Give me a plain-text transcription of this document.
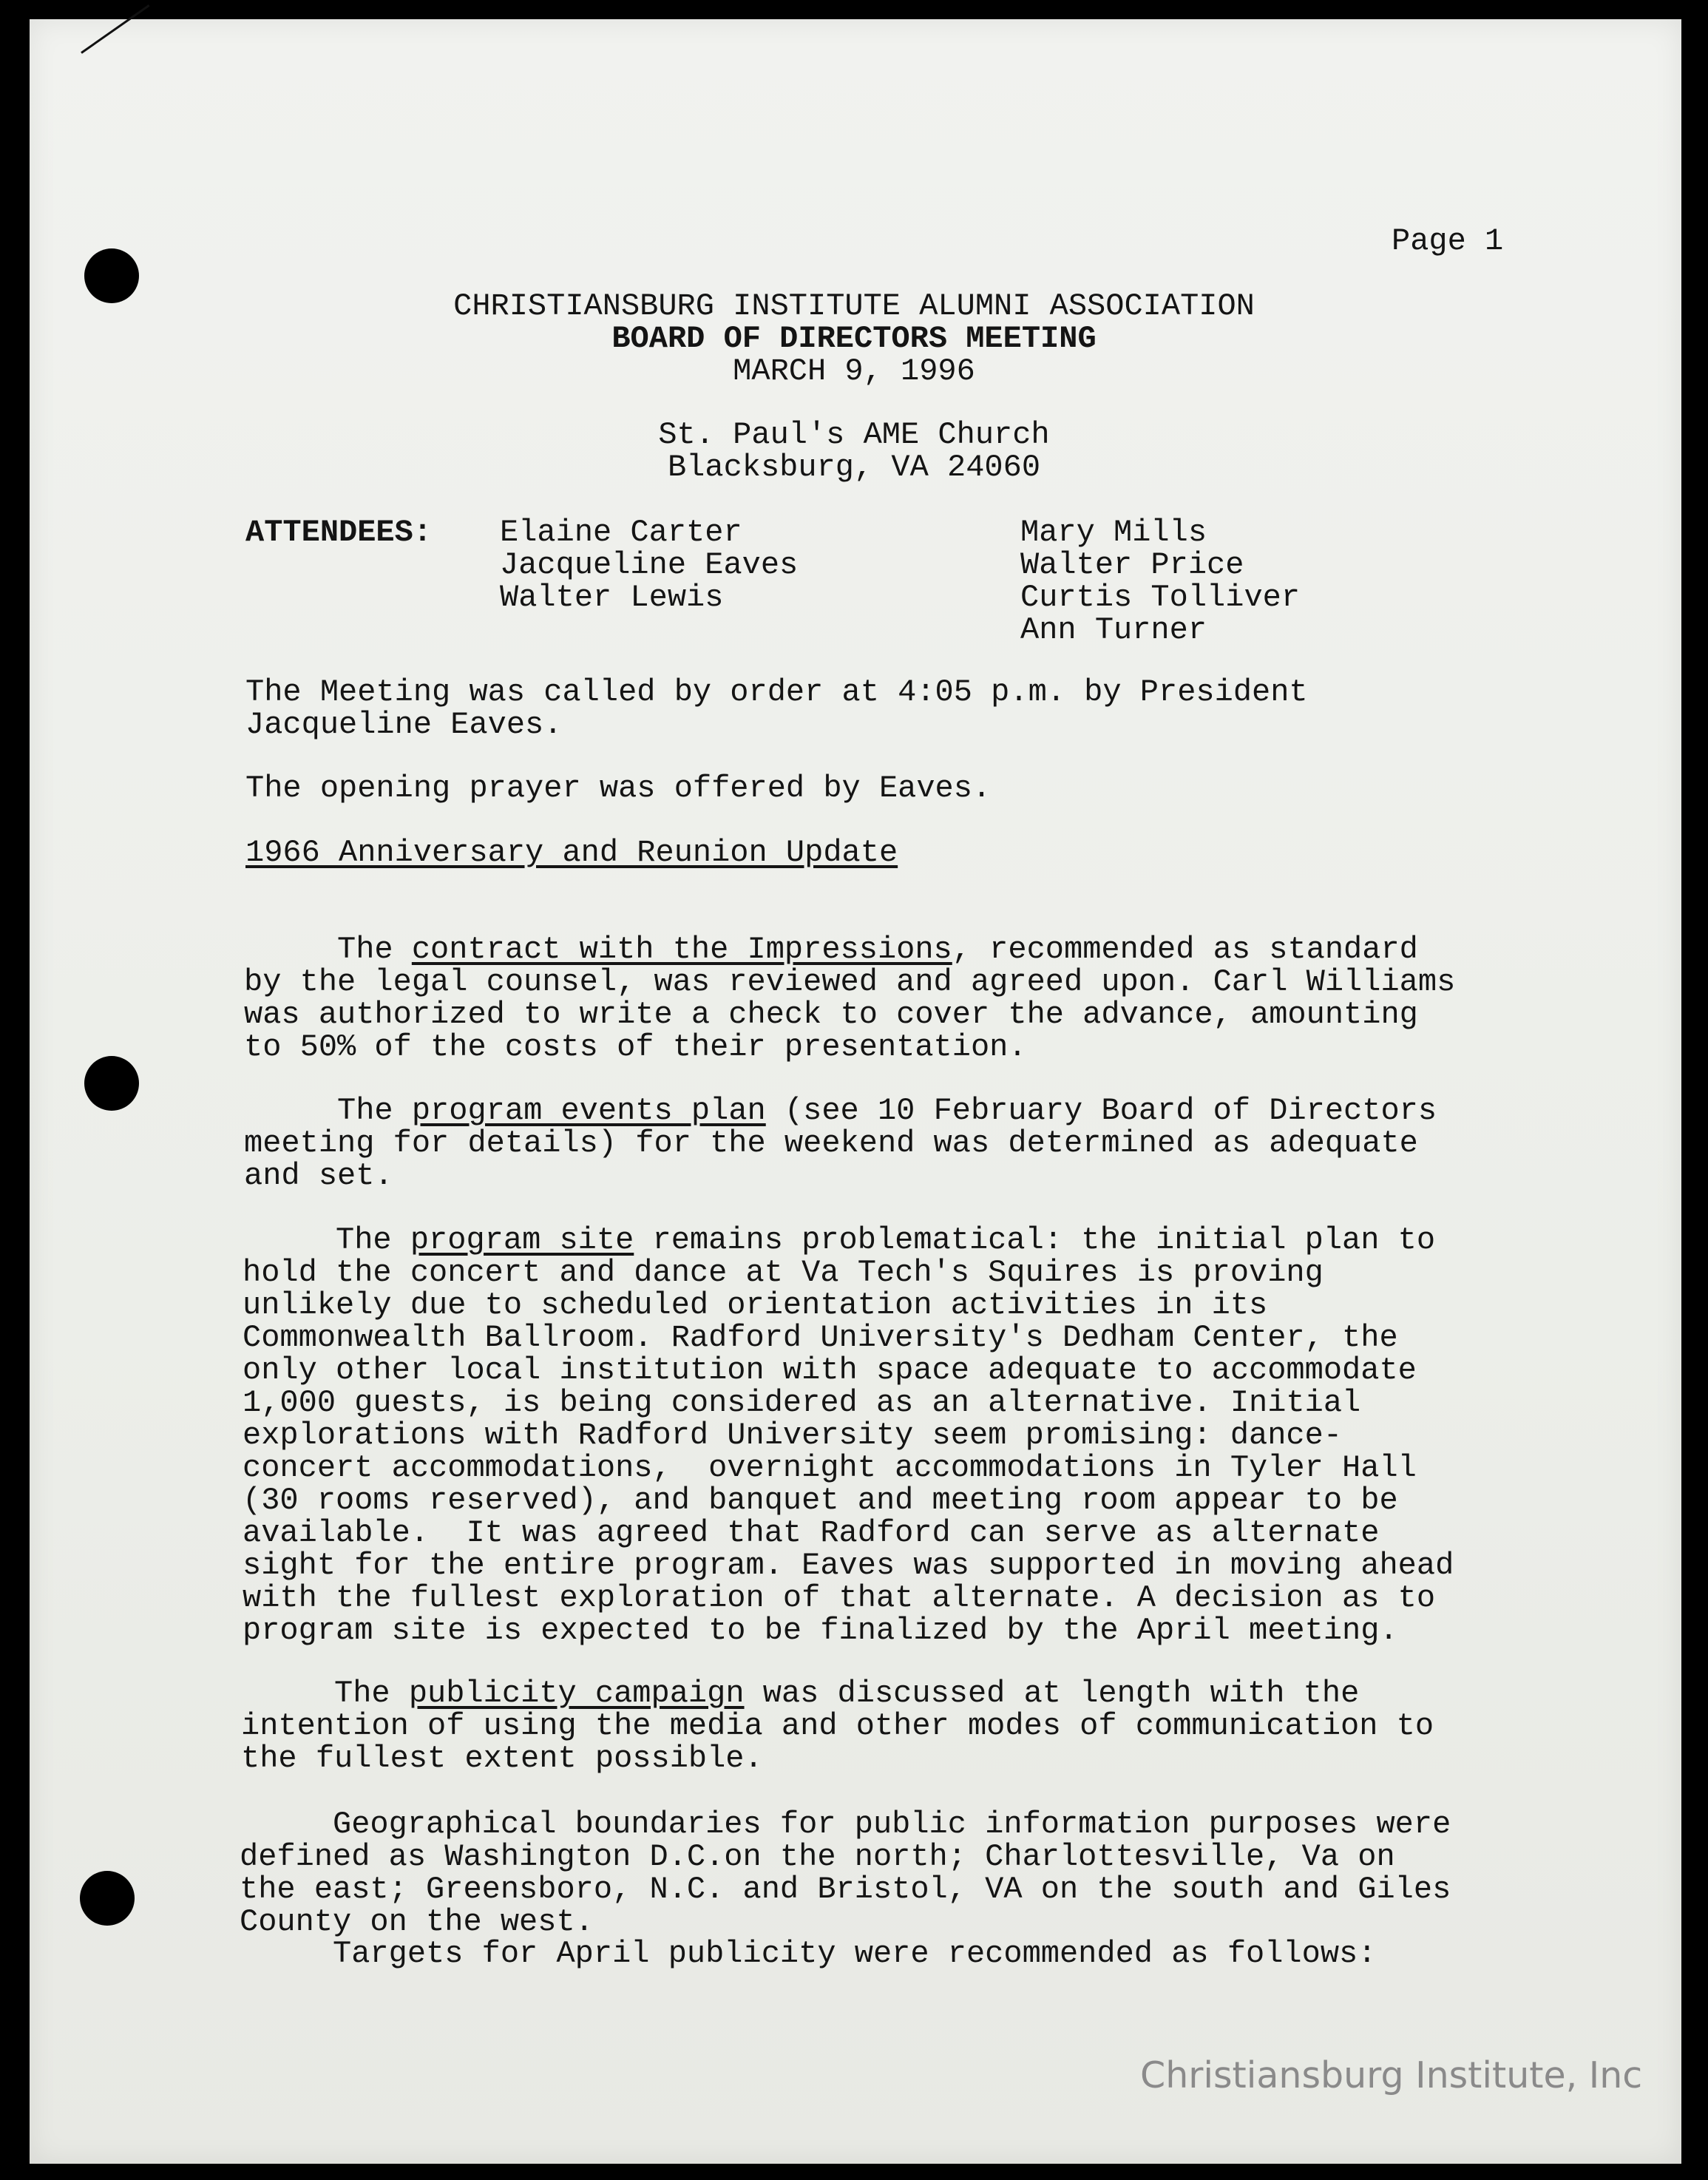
Page 1
CHRISTIANSBURG INSTITUTE ALUMNI ASSOCIATION
BOARD OF DIRECTORS MEETING
MARCH 9, 1996
St. Paul's AME Church
Blacksburg, VA 24060
ATTENDEES: Elaine Carter
Jacqueline Eaves
Walter Lewis
Mary Mills
Walter Price
Curtis Tolliver
Ann Turner
The Meeting was called by order at 4:05 p.m. by President
Jacqueline Eaves.
The opening prayer was offered by Eaves.
1966 Anniversary and Reunion Update

The contract with the Impressions, recommended as standard
by the legal counsel, was reviewed and agreed upon. Carl Williams
was authorized to write a check to cover the advance, amounting
to 50% of the costs of their presentation.

The program events plan (see 10 February Board of Directors
meeting for details) for the weekend was determined as adequate
and set.

The program site remains problematical: the initial plan to
hold the concert and dance at Va Tech's Squires is proving
unlikely due to scheduled orientation activities in its
Commonwealth Ballroom. Radford University's Dedham Center, the
only other local institution with space adequate to accommodate
1,000 guests, is being considered as an alternative. Initial
explorations with Radford University seem promising: dance-
concert accommodations,  overnight accommodations in Tyler Hall
(30 rooms reserved), and banquet and meeting room appear to be
available.  It was agreed that Radford can serve as alternate
sight for the entire program. Eaves was supported in moving ahead
with the fullest exploration of that alternate. A decision as to
program site is expected to be finalized by the April meeting.

The publicity campaign was discussed at length with the
intention of using the media and other modes of communication to
the fullest extent possible.

Geographical boundaries for public information purposes were
defined as Washington D.C.on the north; Charlottesville, Va on
the east; Greensboro, N.C. and Bristol, VA on the south and Giles
County on the west.
Targets for April publicity were recommended as follows:
Christiansburg Institute, Inc
